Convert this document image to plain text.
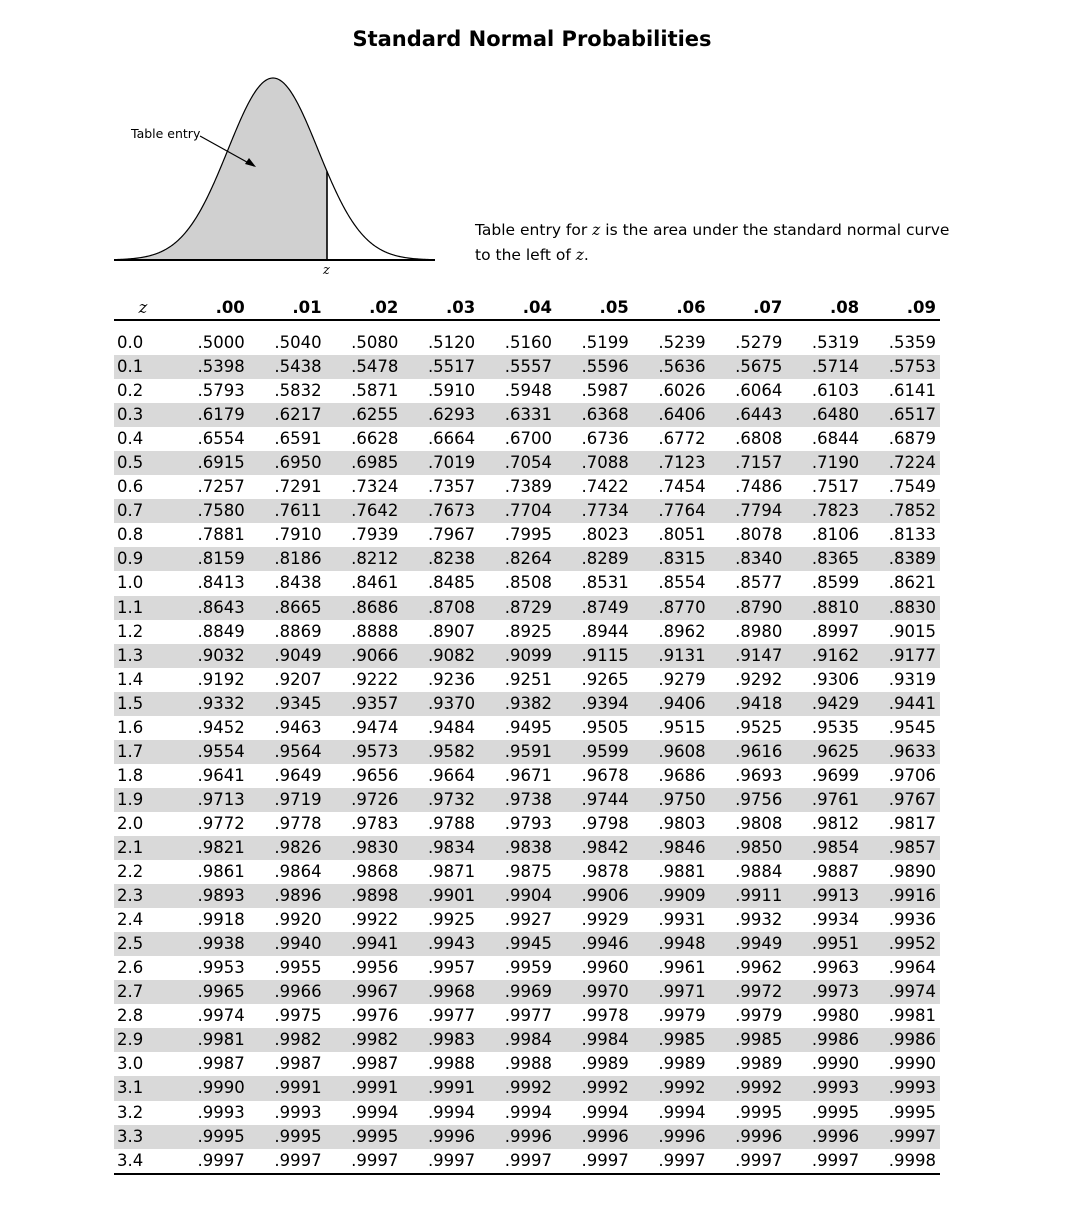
Standard Normal Probabilities
Table entry
z
Table entry for z is the area under the standard normal curve
to the left of z.
z	.00	.01	.02	.03	.04	.05	.06	.07	.08	.09

0.0	.5000	.5040	.5080	.5120	.5160	.5199	.5239	.5279	.5319	.5359
0.1	.5398	.5438	.5478	.5517	.5557	.5596	.5636	.5675	.5714	.5753
0.2	.5793	.5832	.5871	.5910	.5948	.5987	.6026	.6064	.6103	.6141
0.3	.6179	.6217	.6255	.6293	.6331	.6368	.6406	.6443	.6480	.6517
0.4	.6554	.6591	.6628	.6664	.6700	.6736	.6772	.6808	.6844	.6879
0.5	.6915	.6950	.6985	.7019	.7054	.7088	.7123	.7157	.7190	.7224
0.6	.7257	.7291	.7324	.7357	.7389	.7422	.7454	.7486	.7517	.7549
0.7	.7580	.7611	.7642	.7673	.7704	.7734	.7764	.7794	.7823	.7852
0.8	.7881	.7910	.7939	.7967	.7995	.8023	.8051	.8078	.8106	.8133
0.9	.8159	.8186	.8212	.8238	.8264	.8289	.8315	.8340	.8365	.8389
1.0	.8413	.8438	.8461	.8485	.8508	.8531	.8554	.8577	.8599	.8621
1.1	.8643	.8665	.8686	.8708	.8729	.8749	.8770	.8790	.8810	.8830
1.2	.8849	.8869	.8888	.8907	.8925	.8944	.8962	.8980	.8997	.9015
1.3	.9032	.9049	.9066	.9082	.9099	.9115	.9131	.9147	.9162	.9177
1.4	.9192	.9207	.9222	.9236	.9251	.9265	.9279	.9292	.9306	.9319
1.5	.9332	.9345	.9357	.9370	.9382	.9394	.9406	.9418	.9429	.9441
1.6	.9452	.9463	.9474	.9484	.9495	.9505	.9515	.9525	.9535	.9545
1.7	.9554	.9564	.9573	.9582	.9591	.9599	.9608	.9616	.9625	.9633
1.8	.9641	.9649	.9656	.9664	.9671	.9678	.9686	.9693	.9699	.9706
1.9	.9713	.9719	.9726	.9732	.9738	.9744	.9750	.9756	.9761	.9767
2.0	.9772	.9778	.9783	.9788	.9793	.9798	.9803	.9808	.9812	.9817
2.1	.9821	.9826	.9830	.9834	.9838	.9842	.9846	.9850	.9854	.9857
2.2	.9861	.9864	.9868	.9871	.9875	.9878	.9881	.9884	.9887	.9890
2.3	.9893	.9896	.9898	.9901	.9904	.9906	.9909	.9911	.9913	.9916
2.4	.9918	.9920	.9922	.9925	.9927	.9929	.9931	.9932	.9934	.9936
2.5	.9938	.9940	.9941	.9943	.9945	.9946	.9948	.9949	.9951	.9952
2.6	.9953	.9955	.9956	.9957	.9959	.9960	.9961	.9962	.9963	.9964
2.7	.9965	.9966	.9967	.9968	.9969	.9970	.9971	.9972	.9973	.9974
2.8	.9974	.9975	.9976	.9977	.9977	.9978	.9979	.9979	.9980	.9981
2.9	.9981	.9982	.9982	.9983	.9984	.9984	.9985	.9985	.9986	.9986
3.0	.9987	.9987	.9987	.9988	.9988	.9989	.9989	.9989	.9990	.9990
3.1	.9990	.9991	.9991	.9991	.9992	.9992	.9992	.9992	.9993	.9993
3.2	.9993	.9993	.9994	.9994	.9994	.9994	.9994	.9995	.9995	.9995
3.3	.9995	.9995	.9995	.9996	.9996	.9996	.9996	.9996	.9996	.9997
3.4	.9997	.9997	.9997	.9997	.9997	.9997	.9997	.9997	.9997	.9998
